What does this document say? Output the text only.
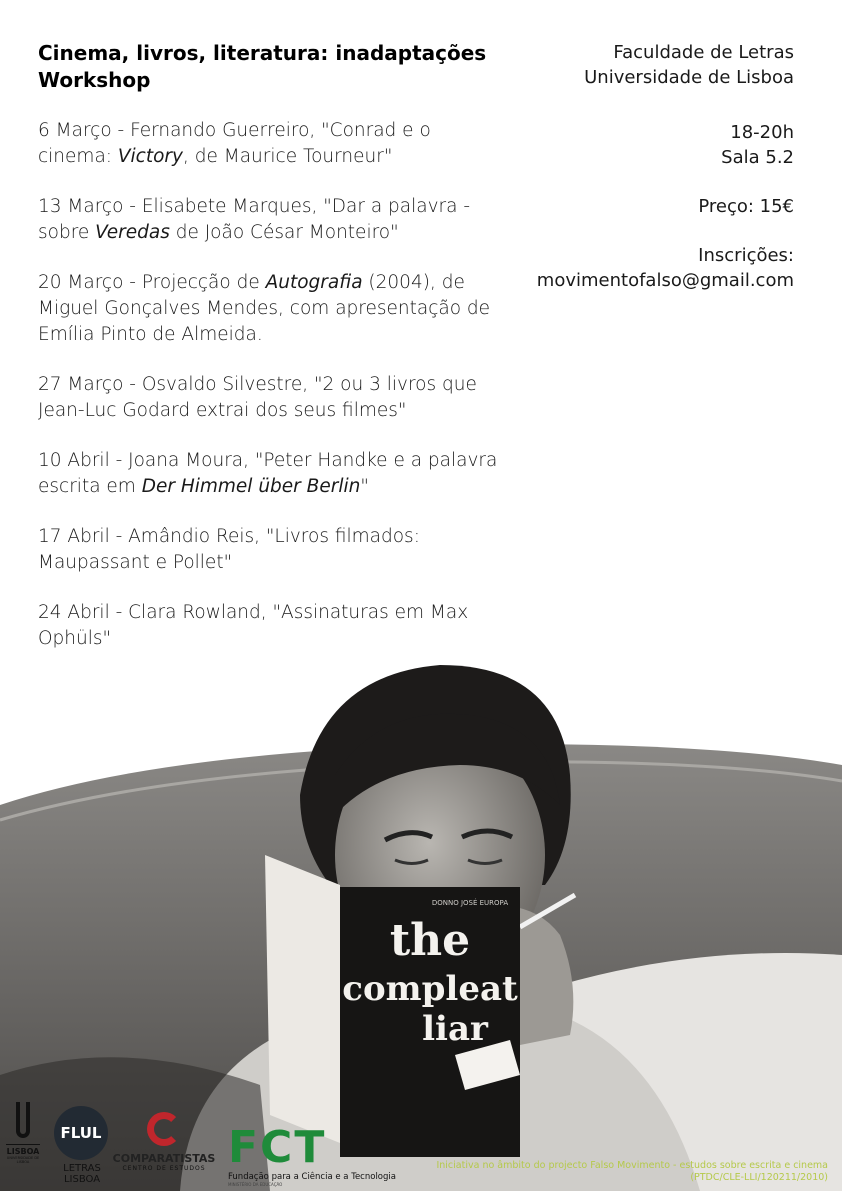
Cinema, livros, literatura: inadaptações
Workshop
6 Março - Fernando Guerreiro, "Conrad e o cinema: Victory, de Maurice Tourneur"
13 Março - Elisabete Marques, "Dar a palavra - sobre Veredas de João César Monteiro"
20 Março - Projecção de Autografia (2004), de Miguel Gonçalves Mendes, com apresentação de Emília Pinto de Almeida.
27 Março - Osvaldo Silvestre, "2 ou 3 livros que Jean-Luc Godard extrai dos seus filmes"
10 Abril - Joana Moura, "Peter Handke e a palavra escrita em Der Himmel über Berlin"
17 Abril - Amândio Reis, "Livros filmados: Maupassant e Pollet"
24 Abril - Clara Rowland, "Assinaturas em Max Ophüls"
Faculdade de Letras
Universidade de Lisboa
18-20h
Sala 5.2
Preço: 15€
Inscrições:
movimentofalso@gmail.com
the
compleat
liar
DONNO JOSÉ EUROPA
LISBOA
UNIVERSIDADE DE LISBOA
FLUL
LETRAS
LISBOA
COMPARATISTAS
CENTRO DE ESTUDOS FCT
Fundação para a Ciência e a Tecnologia
MINISTÉRIO DA EDUCAÇÃO
Iniciativa no âmbito do projecto Falso Movimento - estudos sobre escrita e cinema
(PTDC/CLE-LLI/120211/2010)
